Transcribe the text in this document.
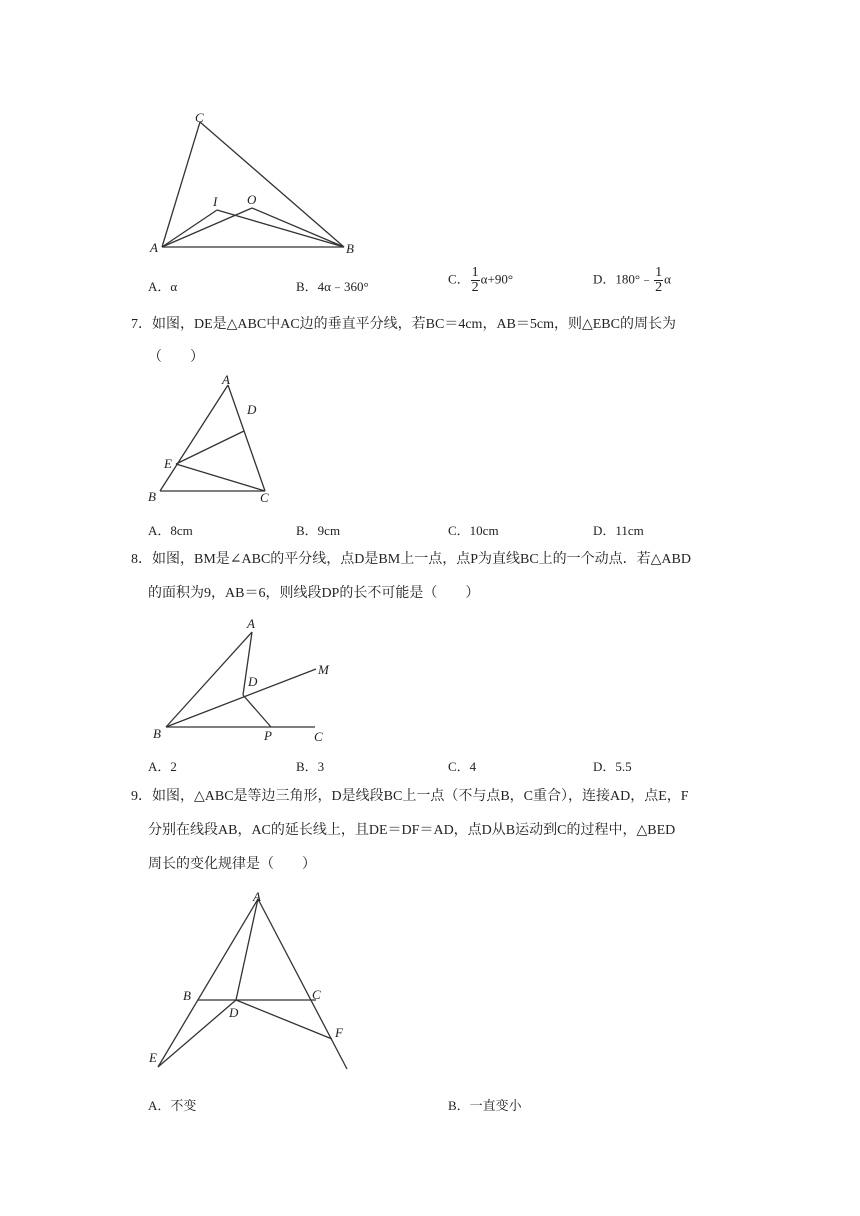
C
I O
A	B
A．α	B．4α﹣360°
C． $\frac{1}{2} \alpha+90^\circ$	D．180°﹣ $\frac{1}{2}$ α
7．如图，DE是△ABC中AC边的垂直平分线，若BC＝4cm，AB＝5cm，则△EBC的周长为
（　　）
A
D
E
B	C
A．8cm	B．9cm	C．10cm	D．11cm
8．如图，BM是∠ABC的平分线，点D是BM上一点，点P为直线BC上的一个动点．若△ABD
的面积为9，AB＝6，则线段DP的长不可能是（　　）
A
D
M
B	P	C
A．2	B．3	C．4	D．5.5
9．如图，△ABC是等边三角形，D是线段BC上一点（不与点B，C重合），连接AD，点E，F
分别在线段AB，AC的延长线上，且DE＝DF＝AD，点D从B运动到C的过程中，△BED
周长的变化规律是（　　）
A
B	C
D
E
F
A．不变	B．一直变小
